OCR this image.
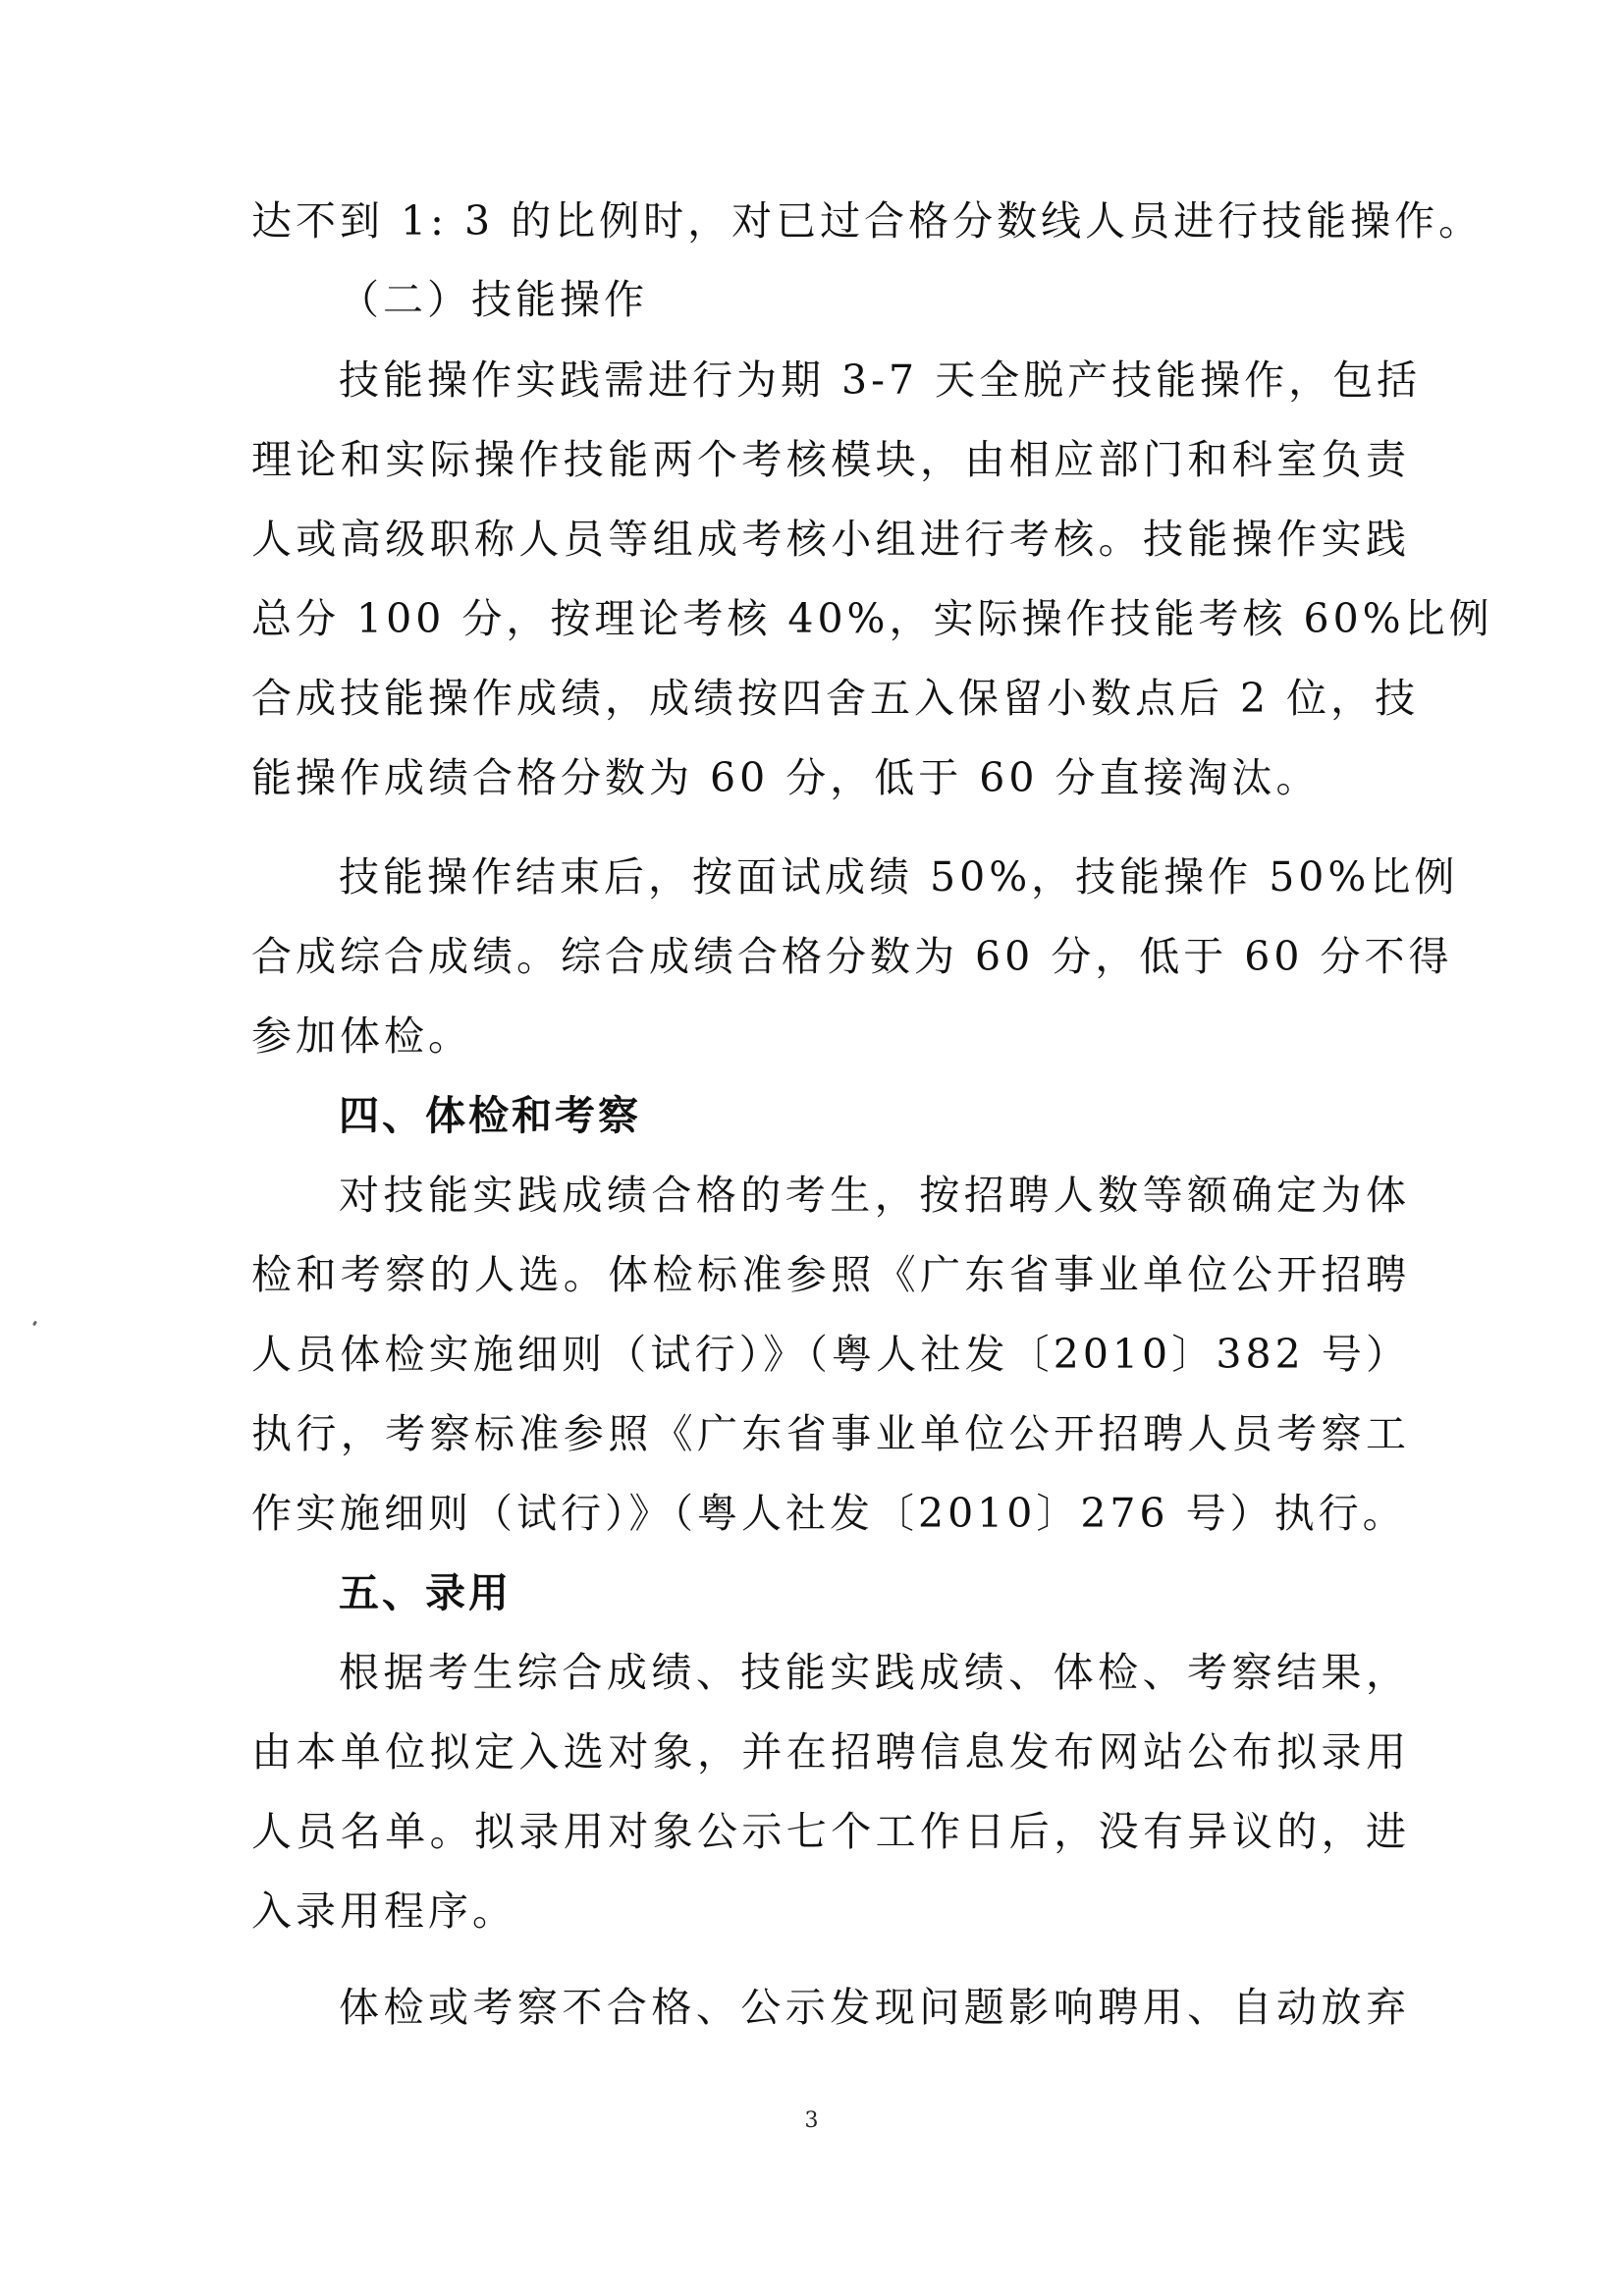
达不到 1: 3 的比例时，对已过合格分数线人员进行技能操作。
（二）技能操作
技能操作实践需进行为期 3-7 天全脱产技能操作，包括
理论和实际操作技能两个考核模块，由相应部门和科室负责
人或高级职称人员等组成考核小组进行考核。技能操作实践
总分 100 分，按理论考核 40%，实际操作技能考核 60%比例
合成技能操作成绩，成绩按四舍五入保留小数点后 2 位，技
能操作成绩合格分数为 60 分，低于 60 分直接淘汰。
技能操作结束后，按面试成绩 50%，技能操作 50%比例
合成综合成绩。综合成绩合格分数为 60 分，低于 60 分不得
参加体检。
四、体检和考察
对技能实践成绩合格的考生，按招聘人数等额确定为体
检和考察的人选。体检标准参照《广东省事业单位公开招聘
人员体检实施细则（试行）》（粤人社发〔2010〕382 号）
执行，考察标准参照《广东省事业单位公开招聘人员考察工
作实施细则（试行）》（粤人社发〔2010〕276 号）执行。
五、录用
根据考生综合成绩、技能实践成绩、体检、考察结果，
由本单位拟定入选对象，并在招聘信息发布网站公布拟录用
人员名单。拟录用对象公示七个工作日后，没有异议的，进
入录用程序。
体检或考察不合格、公示发现问题影响聘用、自动放弃
3
